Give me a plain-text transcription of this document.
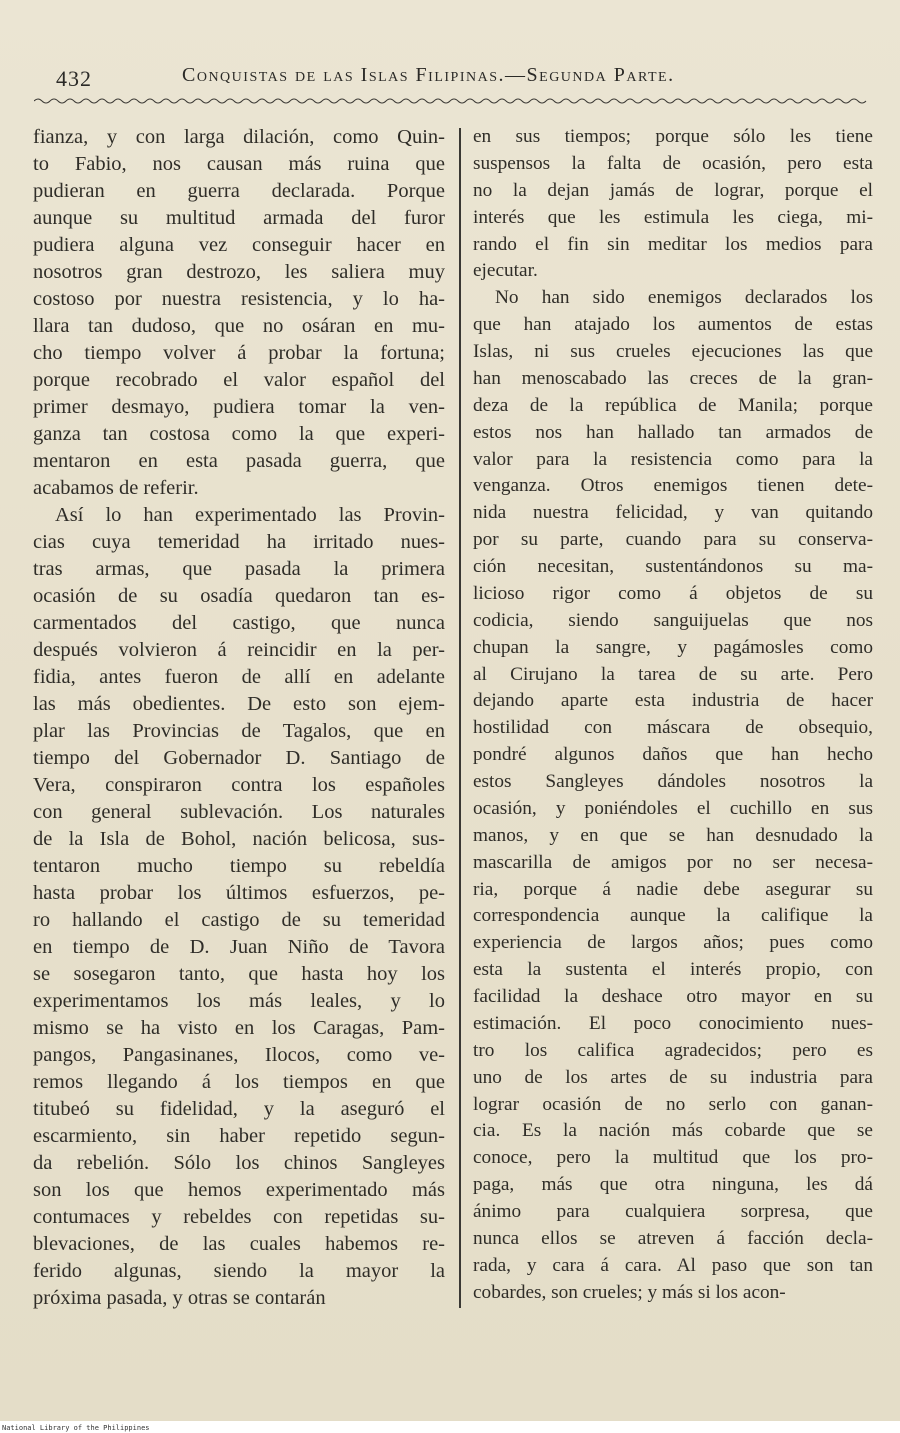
432	Conquistas de las Islas Filipinas.—Segunda Parte.
fianza, y con larga dilación, como Quin-
to Fabio, nos causan más ruina que
pudieran en guerra declarada. Porque
aunque su multitud armada del furor
pudiera alguna vez conseguir hacer en
nosotros gran destrozo, les saliera muy
costoso por nuestra resistencia, y lo ha-
llara tan dudoso, que no osáran en mu-
cho tiempo volver á probar la fortuna;
porque recobrado el valor español del
primer desmayo, pudiera tomar la ven-
ganza tan costosa como la que experi-
mentaron en esta pasada guerra, que
acabamos de referir.
Así lo han experimentado las Provin-
cias cuya temeridad ha irritado nues-
tras armas, que pasada la primera
ocasión de su osadía quedaron tan es-
carmentados del castigo, que nunca
después volvieron á reincidir en la per-
fidia, antes fueron de allí en adelante
las más obedientes. De esto son ejem-
plar las Provincias de Tagalos, que en
tiempo del Gobernador D. Santiago de
Vera, conspiraron contra los españoles
con general sublevación. Los naturales
de la Isla de Bohol, nación belicosa, sus-
tentaron mucho tiempo su rebeldía
hasta probar los últimos esfuerzos, pe-
ro hallando el castigo de su temeridad
en tiempo de D. Juan Niño de Tavora
se sosegaron tanto, que hasta hoy los
experimentamos los más leales, y lo
mismo se ha visto en los Caragas, Pam-
pangos, Pangasinanes, Ilocos, como ve-
remos llegando á los tiempos en que
titubeó su fidelidad, y la aseguró el
escarmiento, sin haber repetido segun-
da rebelión. Sólo los chinos Sangleyes
son los que hemos experimentado más
contumaces y rebeldes con repetidas su-
blevaciones, de las cuales habemos re-
ferido algunas, siendo la mayor la
próxima pasada, y otras se contarán
en sus tiempos; porque sólo les tiene
suspensos la falta de ocasión, pero esta
no la dejan jamás de lograr, porque el
interés que les estimula les ciega, mi-
rando el fin sin meditar los medios para
ejecutar.
No han sido enemigos declarados los
que han atajado los aumentos de estas
Islas, ni sus crueles ejecuciones las que
han menoscabado las creces de la gran-
deza de la república de Manila; porque
estos nos han hallado tan armados de
valor para la resistencia como para la
venganza. Otros enemigos tienen dete-
nida nuestra felicidad, y van quitando
por su parte, cuando para su conserva-
ción necesitan, sustentándonos su ma-
licioso rigor como á objetos de su
codicia, siendo sanguijuelas que nos
chupan la sangre, y pagámosles como
al Cirujano la tarea de su arte. Pero
dejando aparte esta industria de hacer
hostilidad con máscara de obsequio,
pondré algunos daños que han hecho
estos Sangleyes dándoles nosotros la
ocasión, y poniéndoles el cuchillo en sus
manos, y en que se han desnudado la
mascarilla de amigos por no ser necesa-
ria, porque á nadie debe asegurar su
correspondencia aunque la califique la
experiencia de largos años; pues como
esta la sustenta el interés propio, con
facilidad la deshace otro mayor en su
estimación. El poco conocimiento nues-
tro los califica agradecidos; pero es
uno de los artes de su industria para
lograr ocasión de no serlo con ganan-
cia. Es la nación más cobarde que se
conoce, pero la multitud que los pro-
paga, más que otra ninguna, les dá
ánimo para cualquiera sorpresa, que
nunca ellos se atreven á facción decla-
rada, y cara á cara. Al paso que son tan
cobardes, son crueles; y más si los acon-
National Library of the Philippines
